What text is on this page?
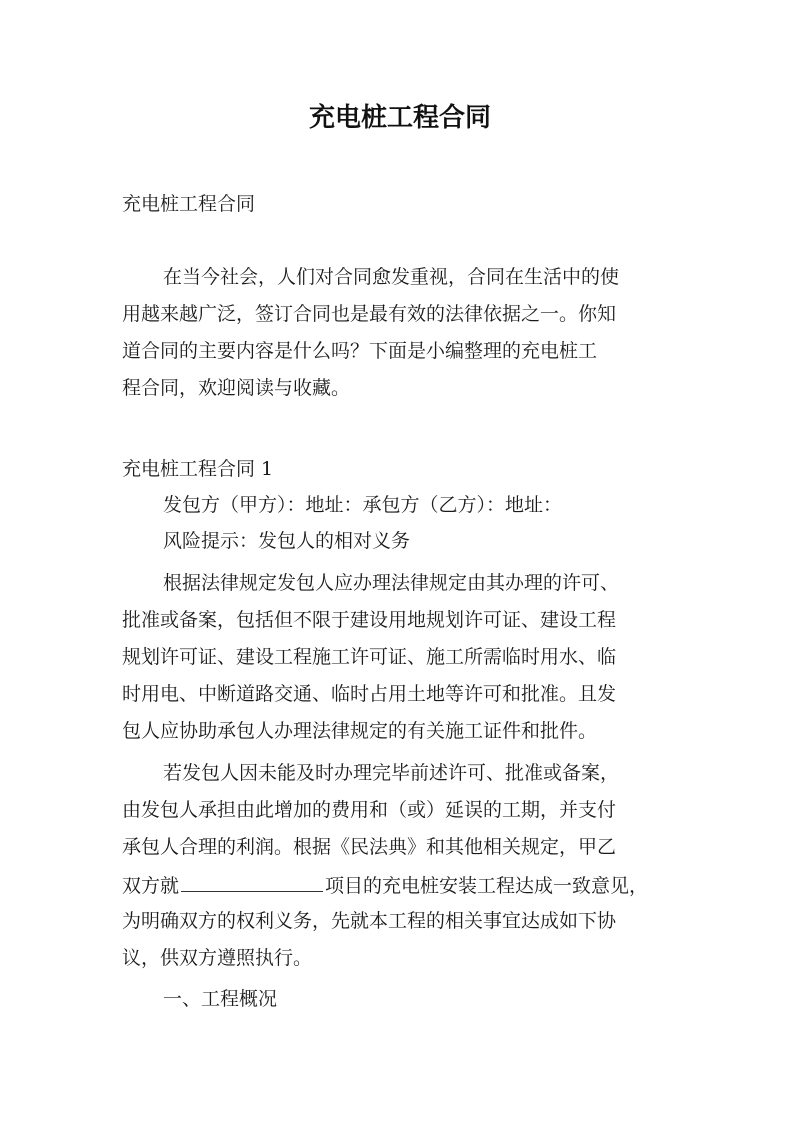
充电桩工程合同

充电桩工程合同

在当今社会，人们对合同愈发重视，合同在生活中的使

用越来越广泛，签订合同也是最有效的法律依据之一。你知

道合同的主要内容是什么吗？下面是小编整理的充电桩工

程合同，欢迎阅读与收藏。

充电桩工程合同 1

发包方（甲方）：地址：承包方（乙方）：地址：

风险提示：发包人的相对义务

根据法律规定发包人应办理法律规定由其办理的许可、

批准或备案，包括但不限于建设用地规划许可证、建设工程

规划许可证、建设工程施工许可证、施工所需临时用水、临

时用电、中断道路交通、临时占用土地等许可和批准。且发

包人应协助承包人办理法律规定的有关施工证件和批件。

若发包人因未能及时办理完毕前述许可、批准或备案，

由发包人承担由此增加的费用和（或）延误的工期，并支付

承包人合理的利润。根据《民法典》和其他相关规定，甲乙

双方就	项目的充电桩安装工程达成一致意见，

为明确双方的权利义务，先就本工程的相关事宜达成如下协

议，供双方遵照执行。

一、工程概况
